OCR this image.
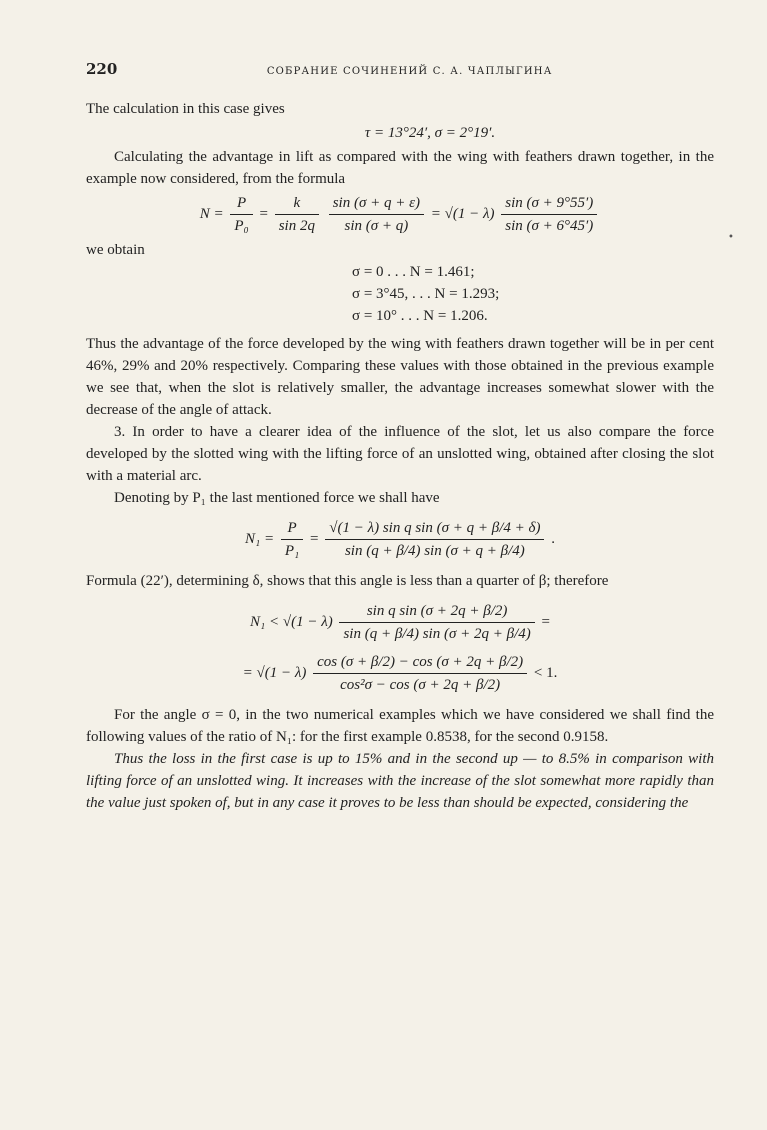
220	СОБРАНИЕ СОЧИНЕНИЙ С. А. ЧАПЛЫГИНА
•

The calculation in this case gives

τ = 13°24′, σ = 2°19′.

Calculating the advantage in lift as compared with the wing with feathers drawn together, in the example now considered, from the formula

$N = \frac{P}{\text{P₀}} = \frac{k}{\sin 2q}$
$\frac{\sin (\sigma + q + \varepsilon)}{\sin (\sigma + q)} = √(1 - \lambda) \frac{\sin (\sigma + 9^\circ 55')}{\sin (\sigma + 6^\circ 45')}$

we obtain

σ = 0 . . . N = 1.461;
σ = 3°45, . . . N = 1.293;
σ = 10° . . . N = 1.206.

Thus the advantage of the force developed by the wing with feathers drawn together will be in per cent 46%, 29% and 20% respectively. Comparing these values with those obtained in the previous example we see that, when the slot is relatively smaller, the advantage increases somewhat slower with the decrease of the angle of attack.

3. In order to have a clearer idea of the influence of the slot, let us also compare the force developed by the slotted wing with the lifting force of an unslotted wing, obtained after closing the slot with a material arc.

Denoting by P₁ the last mentioned force we shall have

$N_1 = \frac{P}{\text{P₁}} = \frac{\text{√(1 − λ) sin q sin (σ + q + β/4 + δ)}}{\sin (q + \beta/4) \sin (\sigma + q + \beta/4)}$ .

Formula (22′), determining δ, shows that this angle is less than a quarter of β; therefore

$N_1 < √(1 - \lambda) \frac{\text{sin q sin (σ + 2q + β/2)}}{\sin (q + \beta/4) \sin (\sigma + 2q + \beta/4)}$ =
= $√(1 - \lambda) \frac{\cos (\sigma + \beta/2) - \cos (\sigma + 2q + \beta/2)}{\text{cos²σ − cos (σ + 2q + β/2)}} < 1$.

For the angle σ = 0, in the two numerical examples which we have considered we shall find the following values of the ratio of N₁: for the first example 0.8538, for the second 0.9158.

Thus the loss in the first case is up to 15% and in the second up — to 8.5% in comparison with lifting force of an unslotted wing. It increases with the increase of the slot somewhat more rapidly than the value just spoken of, but in any case it proves to be less than should be expected, considering the
